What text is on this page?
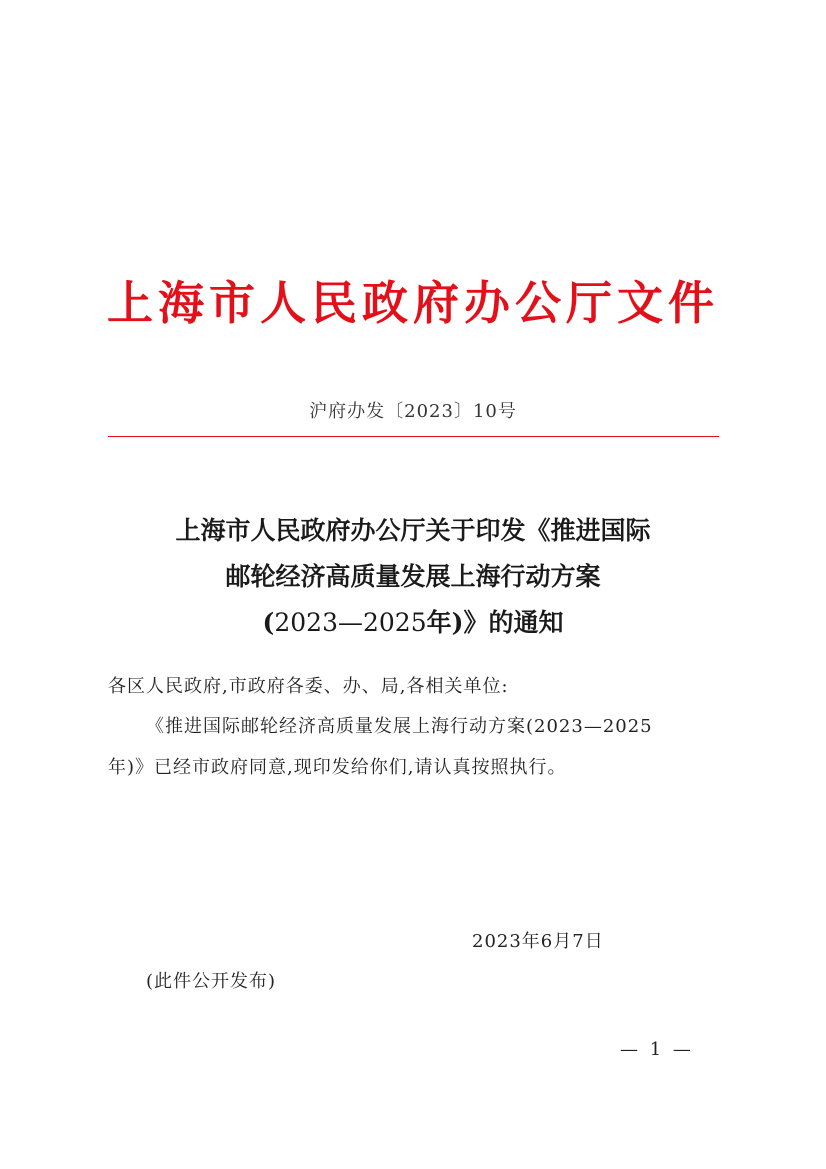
上海市人民政府办公厅文件
沪府办发〔2023〕10号
上海市人民政府办公厅关于印发《推进国际
邮轮经济高质量发展上海行动方案
(2023—2025年)》的通知
各区人民政府,市政府各委、办、局,各相关单位:
《推进国际邮轮经济高质量发展上海行动方案(2023—2025
年)》已经市政府同意,现印发给你们,请认真按照执行。
2023年6月7日
(此件公开发布)
— 1 —
